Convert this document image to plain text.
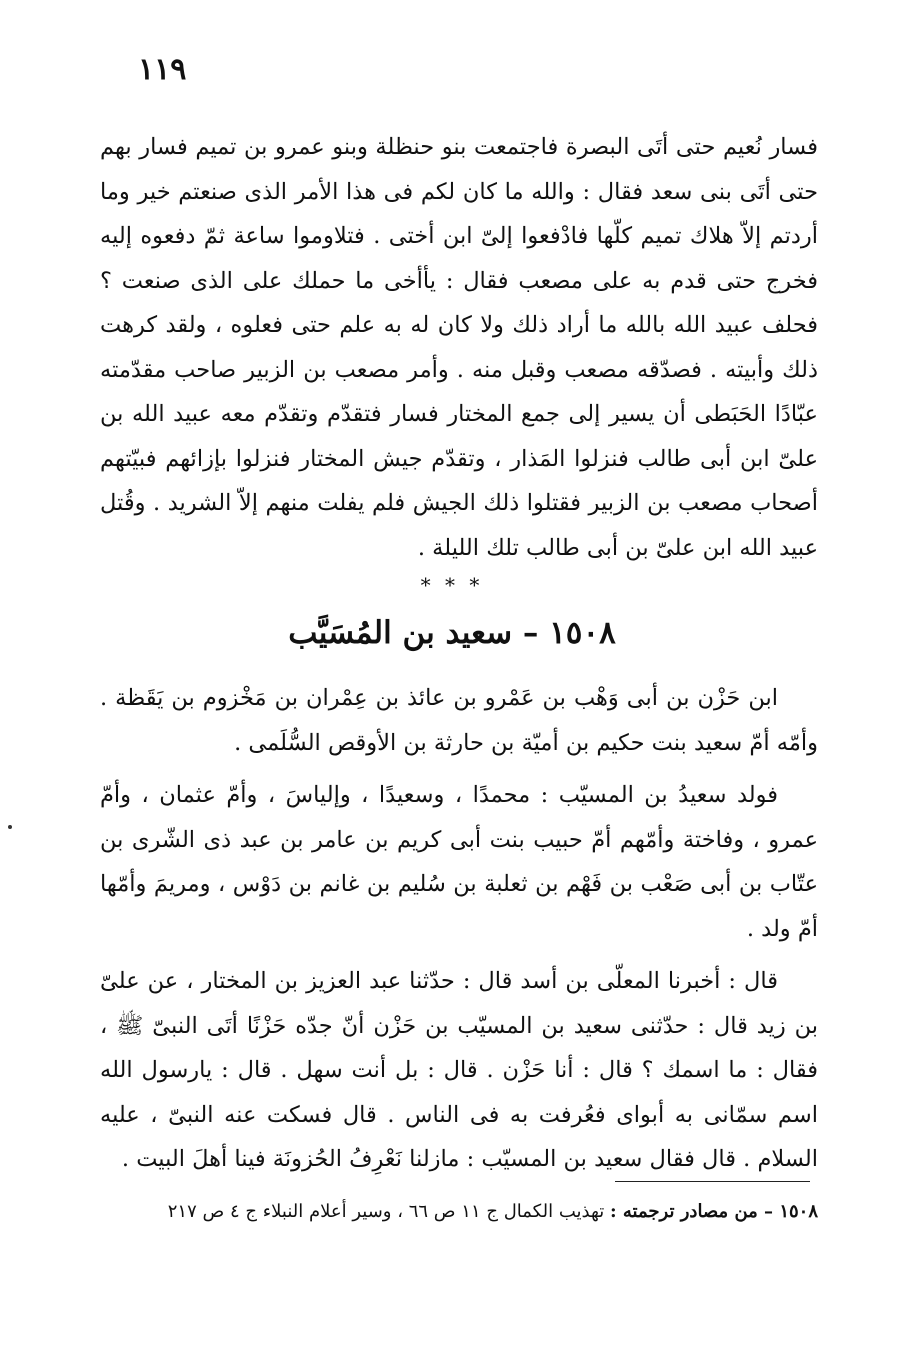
١١٩

فسار نُعيم حتى أتَى البصرة فاجتمعت بنو حنظلة وبنو عمرو بن تميم فسار بهم حتى أتَى بنى سعد فقال : والله ما كان لكم فى هذا الأمر الذى صنعتم خير وما أردتم إلاّ هلاك تميم كلّها فادْفعوا إلىّ ابن أختى . فتلاوموا ساعة ثمّ دفعوه إليه فخرج حتى قدم به على مصعب فقال : يأأخى ما حملك على الذى صنعت ؟ فحلف عبيد الله بالله ما أراد ذلك ولا كان له به علم حتى فعلوه ، ولقد كرهت ذلك وأبيته . فصدّقه مصعب وقبل منه . وأمر مصعب بن الزبير صاحب مقدّمته عبّادًا الحَبَطى أن يسير إلى جمع المختار فسار فتقدّم وتقدّم معه عبيد الله بن علىّ ابن أبى طالب فنزلوا المَذار ، وتقدّم جيش المختار فنزلوا بإزائهم فبيّتهم أصحاب مصعب بن الزبير فقتلوا ذلك الجيش فلم يفلت منهم إلاّ الشريد . وقُتل عبيد الله ابن علىّ بن أبى طالب تلك الليلة .

* * *
١٥٠٨ – سعيد بن المُسَيَّب

ابن حَزْن بن أبى وَهْب بن عَمْرو بن عائذ بن عِمْران بن مَخْزوم بن يَقَظة . وأمّه أمّ سعيد بنت حكيم بن أميّة بن حارثة بن الأوقص السُّلَمى .

فولد سعيدُ بن المسيّب : محمدًا ، وسعيدًا ، وإلياسَ ، وأمّ عثمان ، وأمّ عمرو ، وفاختة وأمّهم أمّ حبيب بنت أبى كريم بن عامر بن عبد ذى الشّرى بن عتّاب بن أبى صَعْب بن فَهْم بن ثعلبة بن سُليم بن غانم بن دَوْس ، ومريمَ وأمّها أمّ ولد .

قال : أخبرنا المعلّى بن أسد قال : حدّثنا عبد العزيز بن المختار ، عن علىّ بن زيد قال : حدّثنى سعيد بن المسيّب بن حَزْن أنّ جدّه حَزْنًا أتَى النبىّ ﷺ ، فقال : ما اسمك ؟ قال : أنا حَزْن . قال : بل أنت سهل . قال : يارسول الله اسم سمّانى به أبواى فعُرفت به فى الناس . قال فسكت عنه النبىّ ، عليه السلام . قال فقال سعيد بن المسيّب : مازلنا نَعْرِفُ الحُزونَة فينا أهلَ البيت .

١٥٠٨ – من مصادر ترجمته : تهذيب الكمال ج ١١ ص ٦٦ ، وسير أعلام النبلاء ج ٤ ص ٢١٧
